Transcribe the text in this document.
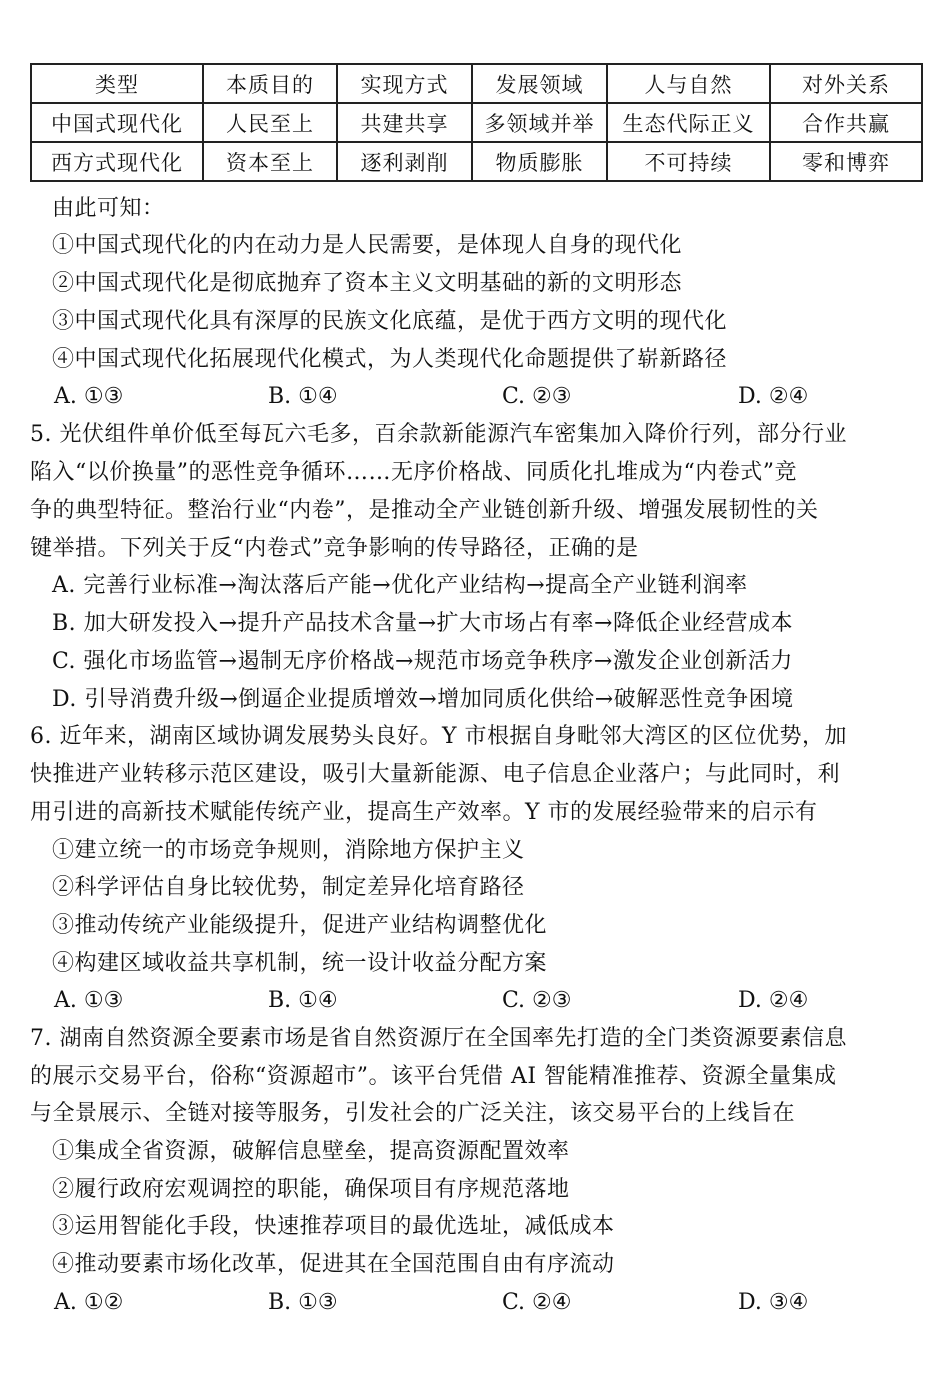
类型	本质目的	实现方式	发展领域	人与自然	对外关系
中国式现代化	人民至上	共建共享	多领域并举	生态代际正义	合作共赢
西方式现代化	资本至上	逐利剥削	物质膨胀	不可持续	零和博弈
由此可知：
①中国式现代化的内在动力是人民需要，是体现人自身的现代化
②中国式现代化是彻底抛弃了资本主义文明基础的新的文明形态
③中国式现代化具有深厚的民族文化底蕴，是优于西方文明的现代化
④中国式现代化拓展现代化模式，为人类现代化命题提供了崭新路径
A. ①③	B. ①④	C. ②③	D. ②④
5. 光伏组件单价低至每瓦六毛多，百余款新能源汽车密集加入降价行列，部分行业
陷入“以价换量”的恶性竞争循环……无序价格战、同质化扎堆成为“内卷式”竞
争的典型特征。整治行业“内卷”，是推动全产业链创新升级、增强发展韧性的关
键举措。下列关于反“内卷式”竞争影响的传导路径，正确的是
A. 完善行业标准→淘汰落后产能→优化产业结构→提高全产业链利润率
B. 加大研发投入→提升产品技术含量→扩大市场占有率→降低企业经营成本
C. 强化市场监管→遏制无序价格战→规范市场竞争秩序→激发企业创新活力
D. 引导消费升级→倒逼企业提质增效→增加同质化供给→破解恶性竞争困境
6. 近年来，湖南区域协调发展势头良好。Y 市根据自身毗邻大湾区的区位优势，加
快推进产业转移示范区建设，吸引大量新能源、电子信息企业落户；与此同时，利
用引进的高新技术赋能传统产业，提高生产效率。Y 市的发展经验带来的启示有
①建立统一的市场竞争规则，消除地方保护主义
②科学评估自身比较优势，制定差异化培育路径
③推动传统产业能级提升，促进产业结构调整优化
④构建区域收益共享机制，统一设计收益分配方案
A. ①③	B. ①④	C. ②③	D. ②④
7. 湖南自然资源全要素市场是省自然资源厅在全国率先打造的全门类资源要素信息
的展示交易平台，俗称“资源超市”。该平台凭借 AI 智能精准推荐、资源全量集成
与全景展示、全链对接等服务，引发社会的广泛关注，该交易平台的上线旨在
①集成全省资源，破解信息壁垒，提高资源配置效率
②履行政府宏观调控的职能，确保项目有序规范落地
③运用智能化手段，快速推荐项目的最优选址，减低成本
④推动要素市场化改革，促进其在全国范围自由有序流动
A. ①②	B. ①③	C. ②④	D. ③④
